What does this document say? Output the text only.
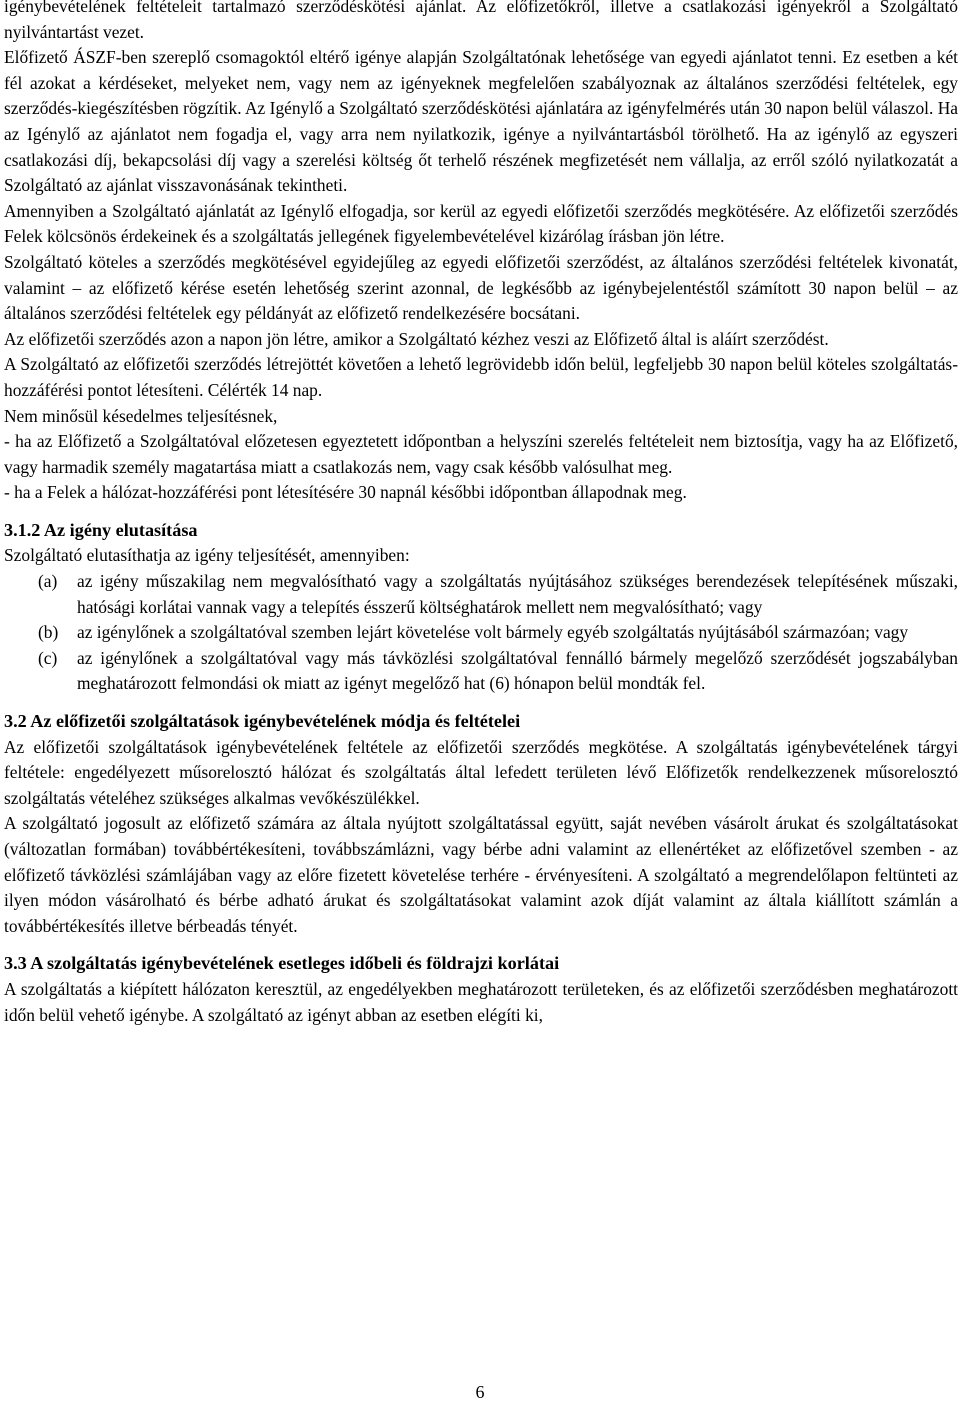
igénybevételének feltételeit tartalmazó szerződéskötési ajánlat. Az előfizetőkről, illetve a csatlakozási igényekről a Szolgáltató nyilvántartást vezet.

Előfizető ÁSZF-ben szereplő csomagoktól eltérő igénye alapján Szolgáltatónak lehetősége van egyedi ajánlatot tenni. Ez esetben a két fél azokat a kérdéseket, melyeket nem, vagy nem az igényeknek megfelelően szabályoznak az általános szerződési feltételek, egy szerződés-kiegészítésben rögzítik. Az Igénylő a Szolgáltató szerződéskötési ajánlatára az igényfelmérés után 30 napon belül válaszol. Ha az Igénylő az ajánlatot nem fogadja el, vagy arra nem nyilatkozik, igénye a nyilvántartásból törölhető. Ha az igénylő az egyszeri csatlakozási díj, bekapcsolási díj vagy a szerelési költség őt terhelő részének megfizetését nem vállalja, az erről szóló nyilatkozatát a Szolgáltató az ajánlat visszavonásának tekintheti.

Amennyiben a Szolgáltató ajánlatát az Igénylő elfogadja, sor kerül az egyedi előfizetői szerződés megkötésére. Az előfizetői szerződés Felek kölcsönös érdekeinek és a szolgáltatás jellegének figyelembevételével kizárólag írásban jön létre.

Szolgáltató köteles a szerződés megkötésével egyidejűleg az egyedi előfizetői szerződést, az általános szerződési feltételek kivonatát, valamint – az előfizető kérése esetén lehetőség szerint azonnal, de legkésőbb az igénybejelentéstől számított 30 napon belül – az általános szerződési feltételek egy példányát az előfizető rendelkezésére bocsátani.

Az előfizetői szerződés azon a napon jön létre, amikor a Szolgáltató kézhez veszi az Előfizető által is aláírt szerződést.

A Szolgáltató az előfizetői szerződés létrejöttét követően a lehető legrövidebb időn belül, legfeljebb 30 napon belül köteles szolgáltatás-hozzáférési pontot létesíteni. Célérték 14 nap.

Nem minősül késedelmes teljesítésnek,

- ha az Előfizető a Szolgáltatóval előzetesen egyeztetett időpontban a helyszíni szerelés feltételeit nem biztosítja, vagy ha az Előfizető, vagy harmadik személy magatartása miatt a csatlakozás nem, vagy csak később valósulhat meg.

- ha a Felek a hálózat-hozzáférési pont létesítésére 30 napnál későbbi időpontban állapodnak meg.

3.1.2 Az igény elutasítása

Szolgáltató elutasíthatja az igény teljesítését, amennyiben:

(a)	az igény műszakilag nem megvalósítható vagy a szolgáltatás nyújtásához szükséges berendezések telepítésének műszaki, hatósági korlátai vannak vagy a telepítés ésszerű költséghatárok mellett nem megvalósítható; vagy
(b)	az igénylőnek a szolgáltatóval szemben lejárt követelése volt bármely egyéb szolgáltatás nyújtásából származóan; vagy
(c)	az igénylőnek a szolgáltatóval vagy más távközlési szolgáltatóval fennálló bármely megelőző szerződését jogszabályban meghatározott felmondási ok miatt az igényt megelőző hat (6) hónapon belül mondták fel.
3.2 Az előfizetői szolgáltatások igénybevételének módja és feltételei

Az előfizetői szolgáltatások igénybevételének feltétele az előfizetői szerződés megkötése. A szolgáltatás igénybevételének tárgyi feltétele: engedélyezett műsorelosztó hálózat és szolgáltatás által lefedett területen lévő Előfizetők rendelkezzenek műsorelosztó szolgáltatás vételéhez szükséges alkalmas vevőkészülékkel.

A szolgáltató jogosult az előfizető számára az általa nyújtott szolgáltatással együtt, saját nevében vásárolt árukat és szolgáltatásokat (változatlan formában) továbbértékesíteni, továbbszámlázni, vagy bérbe adni valamint az ellenértéket az előfizetővel szemben - az előfizető távközlési számlájában vagy az előre fizetett követelése terhére - érvényesíteni. A szolgáltató a megrendelőlapon feltünteti az ilyen módon vásárolható és bérbe adható árukat és szolgáltatásokat valamint azok díját valamint az általa kiállított számlán a továbbértékesítés illetve bérbeadás tényét.

3.3 A szolgáltatás igénybevételének esetleges időbeli és földrajzi korlátai

A szolgáltatás a kiépített hálózaton keresztül, az engedélyekben meghatározott területeken, és az előfizetői szerződésben meghatározott időn belül vehető igénybe. A szolgáltató az igényt abban az esetben elégíti ki,

6
